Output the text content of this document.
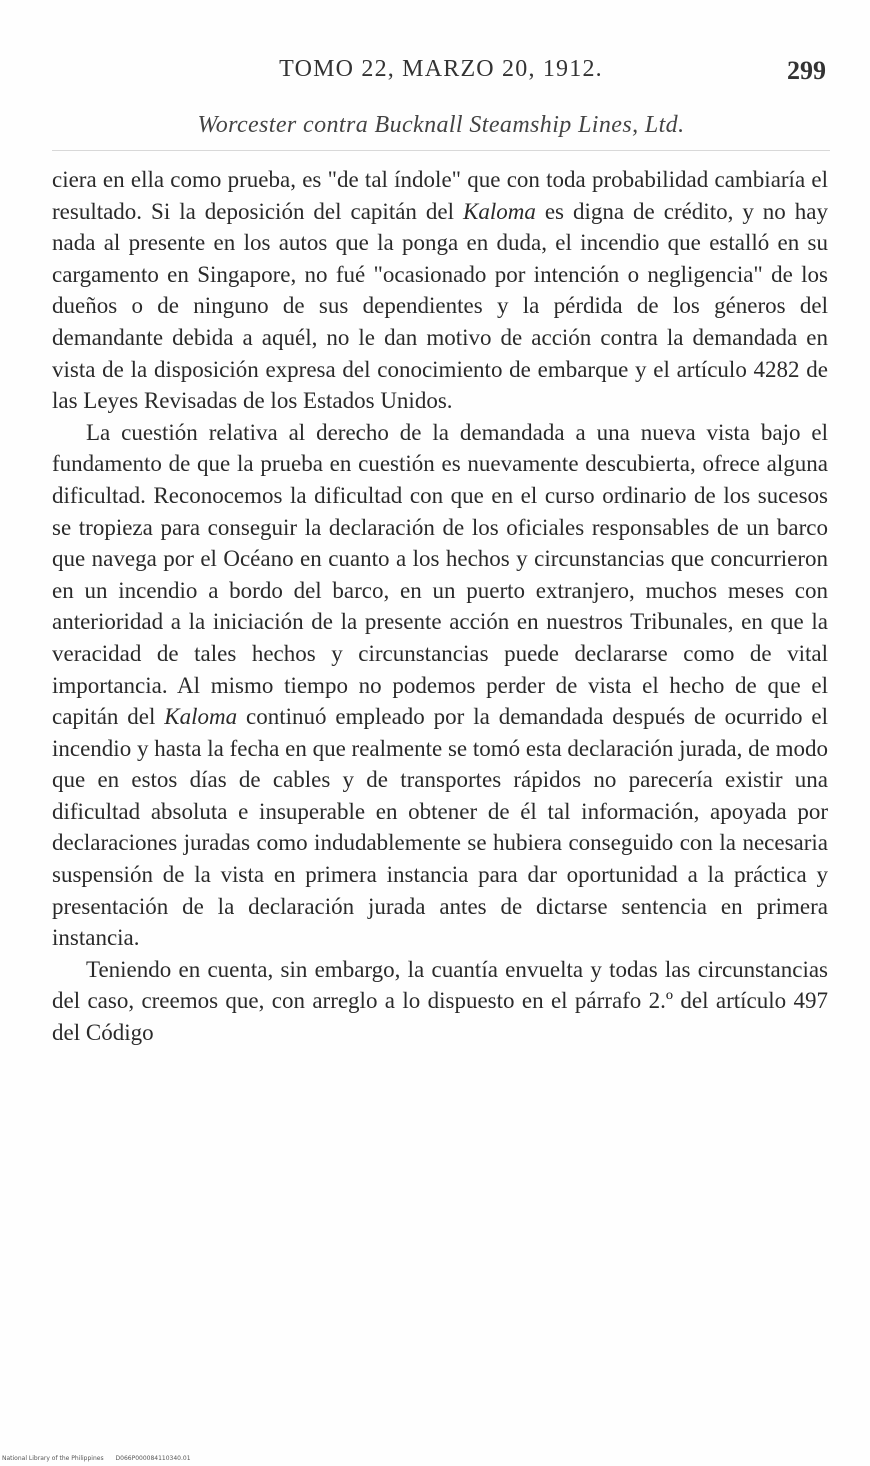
TOMO 22, MARZO 20, 1912.	299
Worcester contra Bucknall Steamship Lines, Ltd.

ciera en ella como prueba, es "de tal índole" que con toda probabilidad cambiaría el resultado. Si la deposición del capitán del Kaloma es digna de crédito, y no hay nada al presente en los autos que la ponga en duda, el incendio que estalló en su cargamento en Singapore, no fué "ocasionado por intención o negligencia" de los dueños o de ninguno de sus dependientes y la pérdida de los géneros del demandante debida a aquél, no le dan motivo de acción contra la demandada en vista de la disposición expresa del conocimiento de embarque y el artículo 4282 de las Leyes Revisadas de los Estados Unidos.

La cuestión relativa al derecho de la demandada a una nueva vista bajo el fundamento de que la prueba en cuestión es nuevamente descubierta, ofrece alguna dificultad. Reconocemos la dificultad con que en el curso ordinario de los sucesos se tropieza para conseguir la declaración de los oficiales responsables de un barco que navega por el Océano en cuanto a los hechos y circunstancias que concurrieron en un incendio a bordo del barco, en un puerto extranjero, muchos meses con anterioridad a la iniciación de la presente acción en nuestros Tribunales, en que la veracidad de tales hechos y circunstancias puede declararse como de vital importancia. Al mismo tiempo no podemos perder de vista el hecho de que el capitán del Kaloma continuó empleado por la demandada después de ocurrido el incendio y hasta la fecha en que realmente se tomó esta declaración jurada, de modo que en estos días de cables y de transportes rápidos no parecería existir una dificultad absoluta e insuperable en obtener de él tal información, apoyada por declaraciones juradas como indudablemente se hubiera conseguido con la necesaria suspensión de la vista en primera instancia para dar oportunidad a la práctica y presentación de la declaración jurada antes de dictarse sentencia en primera instancia.

Teniendo en cuenta, sin embargo, la cuantía envuelta y todas las circunstancias del caso, creemos que, con arreglo a lo dispuesto en el párrafo 2.º del artículo 497 del Código

National Library of the Philippines D066P000084110340.01
